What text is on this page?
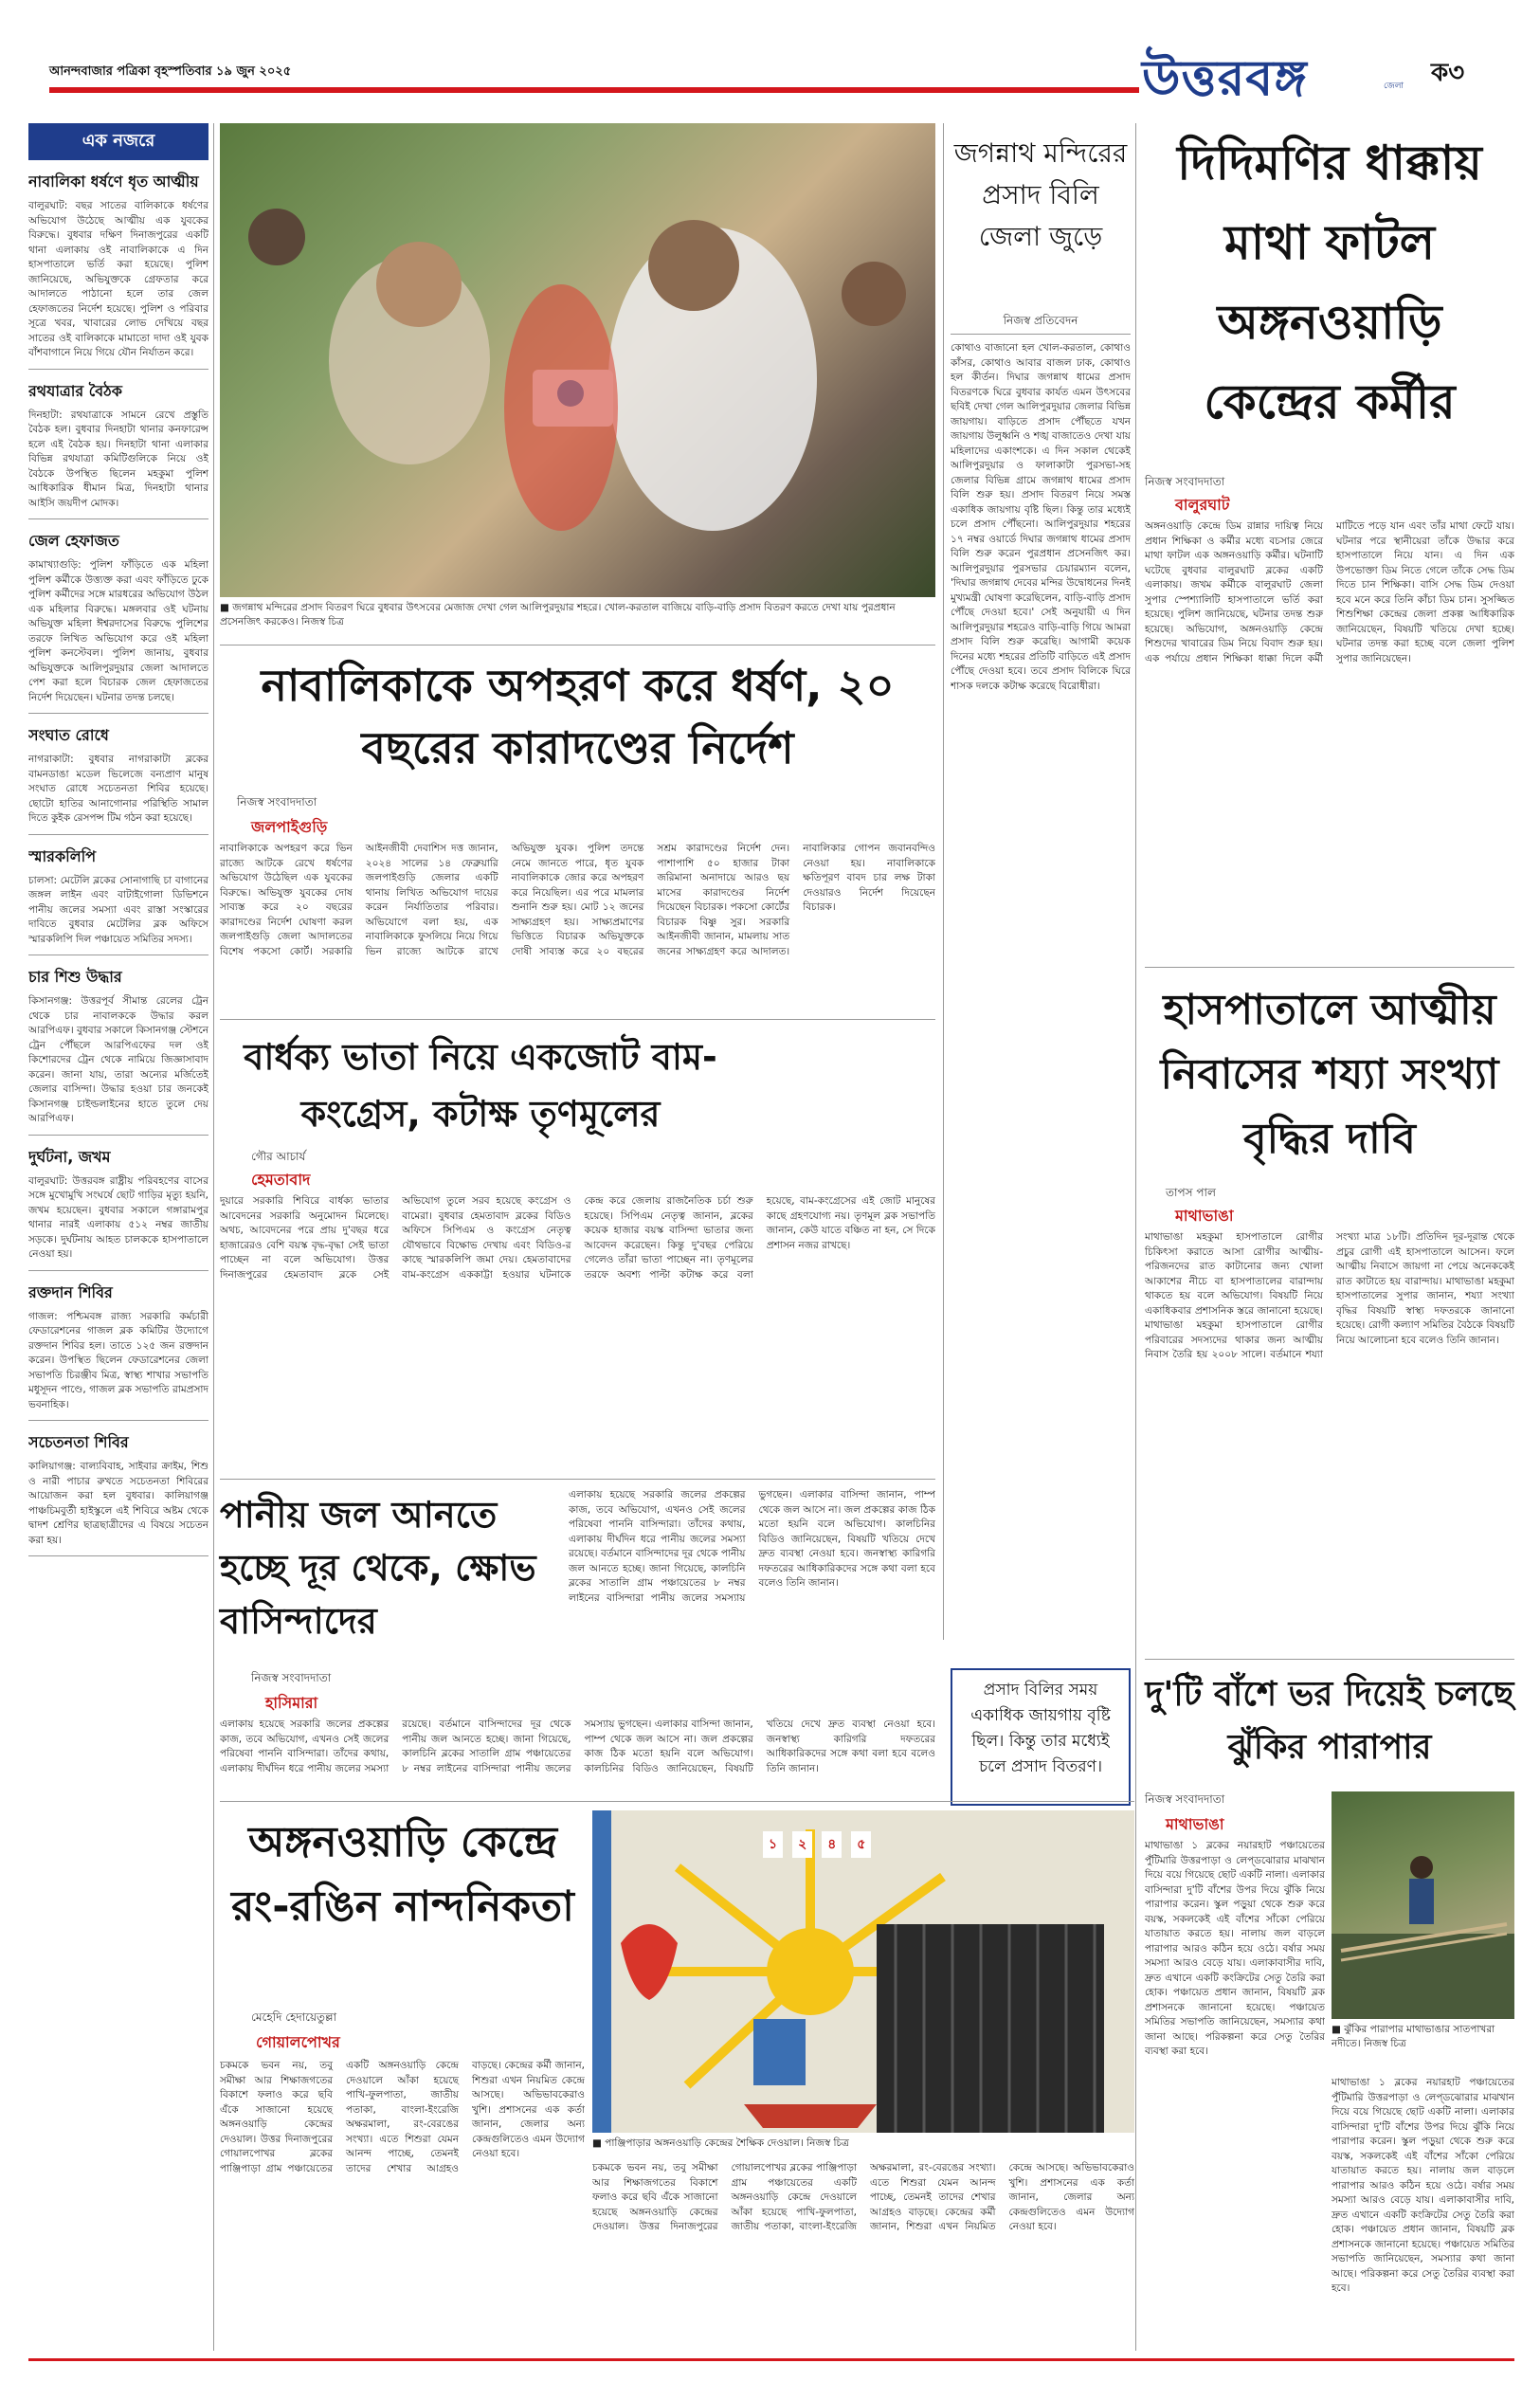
আনন্দবাজার পত্রিকা বৃহস্পতিবার ১৯ জুন ২০২৫	উত্তরবঙ্গ	জেলা ক৩
এক নজরে
নাবালিকা ধর্ষণে ধৃত আত্মীয়
বালুরঘাট: বছর সাতের বালিকাকে ধর্ষণের অভিযোগ উঠেছে আত্মীয় এক যুবকের বিরুদ্ধে। বুধবার দক্ষিণ দিনাজপুরের একটি থানা এলাকায় ওই নাবালিকাকে এ দিন হাসপাতালে ভর্তি করা হয়েছে। পুলিশ জানিয়েছে, অভিযুক্তকে গ্রেফতার করে আদালতে পাঠানো হলে তার জেল হেফাজতের নির্দেশ হয়েছে। পুলিশ ও পরিবার সূত্রে খবর, খাবারের লোভ দেখিয়ে বছর সাতের ওই বালিকাকে মামাতো দাদা ওই যুবক বাঁশবাগানে নিয়ে গিয়ে যৌন নির্যাতন করে।
রথযাত্রার বৈঠক
দিনহাটা: রথযাত্রাকে সামনে রেখে প্রস্তুতি বৈঠক হল। বুধবার দিনহাটা থানার কনফারেন্স হলে এই বৈঠক হয়। দিনহাটা থানা এলাকার বিভিন্ন রথযাত্রা কমিটিগুলিকে নিয়ে ওই বৈঠকে উপস্থিত ছিলেন মহকুমা পুলিশ আধিকারিক ধীমান মিত্র, দিনহাটা থানার আইসি জয়দীপ মোদক।
জেল হেফাজত
কামাখ্যাগুড়ি: পুলিশ ফাঁড়িতে এক মহিলা পুলিশ কর্মীকে উত্ত্যক্ত করা এবং ফাঁড়িতে ঢুকে পুলিশ কর্মীদের সঙ্গে মারধরের অভিযোগ উঠল এক মহিলার বিরুদ্ধে। মঙ্গলবার ওই ঘটনায় অভিযুক্ত মহিলা ঈশ্বরদাসের বিরুদ্ধে পুলিশের তরফে লিখিত অভিযোগ করে ওই মহিলা পুলিশ কনস্টেবল। পুলিশ জানায়, বুধবার অভিযুক্তকে আলিপুরদুয়ার জেলা আদালতে পেশ করা হলে বিচারক জেল হেফাজতের নির্দেশ দিয়েছেন। ঘটনার তদন্ত চলছে।
সংঘাত রোধে
নাগরাকাটা: বুধবার নাগরাকাটা ব্লকের বামনডাঙা মডেল ভিলেজে বন্যপ্রাণ মানুষ সংঘাত রোধে সচেতনতা শিবির হয়েছে। ছোটো হাতির আনাগোনার পরিস্থিতি সামাল দিতে কুইক রেসপন্স টিম গঠন করা হয়েছে।
স্মারকলিপি
চালসা: মেটেলি ব্লকের সোনাগাছি চা বাগানের জঙ্গল লাইন এবং বাটাইগোলা ডিভিশনে পানীয় জলের সমস্যা এবং রাস্তা সংস্কারের দাবিতে বুধবার মেটেলির ব্লক অফিসে স্মারকলিপি দিল পঞ্চায়েত সমিতির সদস্য।
চার শিশু উদ্ধার
কিসানগঞ্জ: উত্তরপূর্ব সীমান্ত রেলের ট্রেন থেকে চার নাবালককে উদ্ধার করল আরপিএফ। বুধবার সকালে কিসানগঞ্জ স্টেশনে ট্রেন পৌঁছলে আরপিএফের দল ওই কিশোরদের ট্রেন থেকে নামিয়ে জিজ্ঞাসাবাদ করেন। জানা যায়, তারা অন্যের মর্জিতেই জেলার বাসিন্দা। উদ্ধার হওয়া চার জনকেই কিসানগঞ্জ চাইল্ডলাইনের হাতে তুলে দেয় আরপিএফ।
দুর্ঘটনা, জখম
বালুরঘাট: উত্তরবঙ্গ রাষ্ট্রীয় পরিবহণের বাসের সঙ্গে মুখোমুখি সংঘর্ষে ছোট গাড়ির মৃত্যু হয়নি, জখম হয়েছেন। বুধবার সকালে গঙ্গারামপুর থানার নারই এলাকায় ৫১২ নম্বর জাতীয় সড়কে। দুর্ঘটনায় আহত চালককে হাসপাতালে নেওয়া হয়।
রক্তদান শিবির
গাজল: পশ্চিমবঙ্গ রাজ্য সরকারি কর্মচারী ফেডারেশনের গাজল ব্লক কমিটির উদ্যোগে রক্তদান শিবির হল। তাতে ১২৫ জন রক্তদান করেন। উপস্থিত ছিলেন ফেডারেশনের জেলা সভাপতি চিরঞ্জীব মিত্র, স্বাস্থ্য শাখার সভাপতি মধুসূদন পাণ্ডে, গাজল ব্লক সভাপতি রামপ্রসাদ ভবনাহিক।
সচেতনতা শিবির
কালিয়াগঞ্জ: বাল্যবিবাহ, সাইবার ক্রাইম, শিশু ও নারী পাচার রুখতে সচেতনতা শিবিরের আয়োজন করা হল বুধবার। কালিয়াগঞ্জ পাঞ্চচিমবুর্তী হাইস্কুলে এই শিবিরে অষ্টম থেকে দ্বাদশ শ্রেণির ছাত্রছাত্রীদের এ বিষয়ে সচেতন করা হয়।
■ জগন্নাথ মন্দিরের প্রসাদ বিতরণ ঘিরে বুধবার উৎসবের মেজাজ দেখা গেল আলিপুরদুয়ার শহরে। খোল-করতাল বাজিয়ে বাড়ি-বাড়ি প্রসাদ বিতরণ করতে দেখা যায় পুরপ্রধান প্রসেনজিৎ করকেও। নিজস্ব চিত্র
জগন্নাথ মন্দিরের প্রসাদ বিলি জেলা জুড়ে
নিজস্ব প্রতিবেদন
কোথাও বাজানো হল খোল-করতাল, কোথাও কাঁসর, কোথাও আবার বাজল ঢাক, কোথাও হল কীর্তন। দিঘার জগন্নাথ ধামের প্রসাদ বিতরণকে ঘিরে বুধবার কার্যত এমন উৎসবের ছবিই দেখা গেল আলিপুরদুয়ার জেলার বিভিন্ন জায়গায়। বাড়িতে প্রসাদ পৌঁছতে যখন জায়গায় উলুধ্বনি ও শঙ্খ বাজাতেও দেখা যায় মহিলাদের একাংশকে। এ দিন সকাল থেকেই আলিপুরদুয়ার ও ফালাকাটা পুরসভা-সহ জেলার বিভিন্ন গ্রামে জগন্নাথ ধামের প্রসাদ বিলি শুরু হয়। প্রসাদ বিতরণ নিয়ে সমস্ত একাধিক জায়গায় বৃষ্টি ছিল। কিন্তু তার মধ্যেই চলে প্রসাদ পৌঁছনো। আলিপুরদুয়ার শহরের ১৭ নম্বর ওয়ার্ডে দিঘার জগন্নাথ ধামের প্রসাদ বিলি শুরু করেন পুরপ্রধান প্রসেনজিৎ কর। আলিপুরদুয়ার পুরসভার চেয়ারম্যান বলেন, 'দিঘার জগন্নাথ দেবের মন্দির উদ্বোধনের দিনই মুখ্যমন্ত্রী ঘোষণা করেছিলেন, বাড়ি-বাড়ি প্রসাদ পৌঁছে দেওয়া হবে।' সেই অনুযায়ী এ দিন আলিপুরদুয়ার শহরেও বাড়ি-বাড়ি গিয়ে আমরা প্রসাদ বিলি শুরু করেছি। আগামী কয়েক দিনের মধ্যে শহরের প্রতিটি বাড়িতে এই প্রসাদ পৌঁছে দেওয়া হবে। তবে প্রসাদ বিলিকে ঘিরে শাসক দলকে কটাক্ষ করেছে বিরোধীরা।
প্রসাদ বিলির সময় একাধিক জায়গায় বৃষ্টি ছিল। কিন্তু তার মধ্যেই চলে প্রসাদ বিতরণ।
দিদিমণির ধাক্কায় মাথা ফাটল অঙ্গনওয়াড়ি কেন্দ্রের কর্মীর
নিজস্ব সংবাদদাতা
বালুরঘাট
অঙ্গনওয়াড়ি কেন্দ্রে ডিম রান্নার দায়িত্ব নিয়ে প্রধান শিক্ষিকা ও কর্মীর মধ্যে বচসার জেরে মাথা ফাটল এক অঙ্গনওয়াড়ি কর্মীর। ঘটনাটি ঘটেছে বুধবার বালুরঘাট ব্লকের একটি এলাকায়। জখম কর্মীকে বালুরঘাট জেলা সুপার স্পেশ্যালিটি হাসপাতালে ভর্তি করা হয়েছে। পুলিশ জানিয়েছে, ঘটনার তদন্ত শুরু হয়েছে। অভিযোগ, অঙ্গনওয়াড়ি কেন্দ্রে শিশুদের খাবারের ডিম নিয়ে বিবাদ শুরু হয়। এক পর্যায়ে প্রধান শিক্ষিকা ধাক্কা দিলে কর্মী মাটিতে পড়ে যান এবং তাঁর মাথা ফেটে যায়। ঘটনার পরে স্থানীয়েরা তাঁকে উদ্ধার করে হাসপাতালে নিয়ে যান। এ দিন এক উপভোক্তা ডিম নিতে গেলে তাঁকে সেদ্ধ ডিম দিতে চান শিক্ষিকা। বাসি সেদ্ধ ডিম দেওয়া হবে মনে করে তিনি কাঁচা ডিম চান। সুসজ্জিত শিশুশিক্ষা কেন্দ্রের জেলা প্রকল্প আধিকারিক জানিয়েছেন, বিষয়টি খতিয়ে দেখা হচ্ছে। ঘটনার তদন্ত করা হচ্ছে বলে জেলা পুলিশ সুপার জানিয়েছেন।
হাসপাতালে আত্মীয় নিবাসের শয্যা সংখ্যা বৃদ্ধির দাবি
তাপস পাল
মাথাভাঙা
মাথাভাঙা মহকুমা হাসপাতালে রোগীর চিকিৎসা করাতে আসা রোগীর আত্মীয়-পরিজনদের রাত কাটানোর জন্য খোলা আকাশের নীচে বা হাসপাতালের বারান্দায় থাকতে হয় বলে অভিযোগ। বিষয়টি নিয়ে একাধিকবার প্রশাসনিক স্তরে জানানো হয়েছে। মাথাভাঙা মহকুমা হাসপাতালে রোগীর পরিবারের সদস্যদের থাকার জন্য আত্মীয় নিবাস তৈরি হয় ২০০৮ সালে। বর্তমানে শয্যা সংখ্যা মাত্র ১৮টি। প্রতিদিন দূর-দূরান্ত থেকে প্রচুর রোগী এই হাসপাতালে আসেন। ফলে আত্মীয় নিবাসে জায়গা না পেয়ে অনেককেই রাত কাটাতে হয় বারান্দায়। মাথাভাঙা মহকুমা হাসপাতালের সুপার জানান, শয্যা সংখ্যা বৃদ্ধির বিষয়টি স্বাস্থ্য দফতরকে জানানো হয়েছে। রোগী কল্যাণ সমিতির বৈঠকে বিষয়টি নিয়ে আলোচনা হবে বলেও তিনি জানান।
নাবালিকাকে অপহরণ করে ধর্ষণ, ২০ বছরের কারাদণ্ডের নির্দেশ
নিজস্ব সংবাদদাতা
জলপাইগুড়ি
নাবালিকাকে অপহরণ করে ভিন রাজ্যে আটকে রেখে ধর্ষণের অভিযোগ উঠেছিল এক যুবকের বিরুদ্ধে। অভিযুক্ত যুবকের দোষ সাব্যস্ত করে ২০ বছরের কারাদণ্ডের নির্দেশ ঘোষণা করল জলপাইগুড়ি জেলা আদালতের বিশেষ পকসো কোর্ট। সরকারি আইনজীবী দেবাশিস দত্ত জানান, ২০২৪ সালের ১৪ ফেব্রুয়ারি জলপাইগুড়ি জেলার একটি থানায় লিখিত অভিযোগ দায়ের করেন নির্যাতিতার পরিবার। অভিযোগে বলা হয়, এক নাবালিকাকে ফুসলিয়ে নিয়ে গিয়ে ভিন রাজ্যে আটকে রাখে অভিযুক্ত যুবক। পুলিশ তদন্তে নেমে জানতে পারে, ধৃত যুবক নাবালিকাকে জোর করে অপহরণ করে নিয়েছিল। এর পরে মামলার শুনানি শুরু হয়। মোট ১২ জনের সাক্ষ্যগ্রহণ হয়। সাক্ষ্যপ্রমাণের ভিত্তিতে বিচারক অভিযুক্তকে দোষী সাব্যস্ত করে ২০ বছরের সশ্রম কারাদণ্ডের নির্দেশ দেন। পাশাপাশি ৫০ হাজার টাকা জরিমানা অনাদায়ে আরও ছয় মাসের কারাদণ্ডের নির্দেশ দিয়েছেন বিচারক। পকসো কোর্টের বিচারক বিষ্ণু সুর। সরকারি আইনজীবী জানান, মামলায় সাত জনের সাক্ষ্যগ্রহণ করে আদালত। নাবালিকার গোপন জবানবন্দিও নেওয়া হয়। নাবালিকাকে ক্ষতিপূরণ বাবদ চার লক্ষ টাকা দেওয়ারও নির্দেশ দিয়েছেন বিচারক।
বার্ধক্য ভাতা নিয়ে একজোট বাম-কংগ্রেস, কটাক্ষ তৃণমূলের
গৌর আচার্য
হেমতাবাদ
দুয়ারে সরকারি শিবিরে বার্ধক্য ভাতার আবেদনের সরকারি অনুমোদন মিলেছে। অথচ, আবেদনের পরে প্রায় দু'বছর ধরে হাজারেরও বেশি বয়স্ক বৃদ্ধ-বৃদ্ধা সেই ভাতা পাচ্ছেন না বলে অভিযোগ। উত্তর দিনাজপুরের হেমতাবাদ ব্লকে সেই অভিযোগ তুলে সরব হয়েছে কংগ্রেস ও বামেরা। বুধবার হেমতাবাদ ব্লকের বিডিও অফিসে সিপিএম ও কংগ্রেস নেতৃত্ব যৌথভাবে বিক্ষোভ দেখায় এবং বিডিও-র কাছে স্মারকলিপি জমা দেয়। হেমতাবাদের বাম-কংগ্রেস এককাট্টা হওয়ার ঘটনাকে কেন্দ্র করে জেলায় রাজনৈতিক চর্চা শুরু হয়েছে। সিপিএম নেতৃত্ব জানান, ব্লকের কয়েক হাজার বয়স্ক বাসিন্দা ভাতার জন্য আবেদন করেছেন। কিন্তু দু'বছর পেরিয়ে গেলেও তাঁরা ভাতা পাচ্ছেন না। তৃণমূলের তরফে অবশ্য পাল্টা কটাক্ষ করে বলা হয়েছে, বাম-কংগ্রেসের এই জোট মানুষের কাছে গ্রহণযোগ্য নয়। তৃণমূল ব্লক সভাপতি জানান, কেউ যাতে বঞ্চিত না হন, সে দিকে প্রশাসন নজর রাখছে।
পানীয় জল আনতে হচ্ছে দূর থেকে, ক্ষোভ বাসিন্দাদের
নিজস্ব সংবাদদাতা
হাসিমারা
এলাকায় হয়েছে সরকারি জলের প্রকল্পের কাজ, তবে অভিযোগ, এখনও সেই জলের পরিষেবা পাননি বাসিন্দারা। তাঁদের কথায়, এলাকায় দীর্ঘদিন ধরে পানীয় জলের সমস্যা রয়েছে। বর্তমানে বাসিন্দাদের দূর থেকে পানীয় জল আনতে হচ্ছে। জানা গিয়েছে, কালচিনি ব্লকের সাতালি গ্রাম পঞ্চায়েতের ৮ নম্বর লাইনের বাসিন্দারা পানীয় জলের সমস্যায় ভুগছেন। এলাকার বাসিন্দা জানান, পাম্প থেকে জল আসে না। জল প্রকল্পের কাজ ঠিক মতো হয়নি বলে অভিযোগ। কালচিনির বিডিও জানিয়েছেন, বিষয়টি খতিয়ে দেখে দ্রুত ব্যবস্থা নেওয়া হবে। জনস্বাস্থ্য কারিগরি দফতরের আধিকারিকদের সঙ্গে কথা বলা হবে বলেও তিনি জানান।
এলাকায় হয়েছে সরকারি জলের প্রকল্পের কাজ, তবে অভিযোগ, এখনও সেই জলের পরিষেবা পাননি বাসিন্দারা। তাঁদের কথায়, এলাকায় দীর্ঘদিন ধরে পানীয় জলের সমস্যা রয়েছে। বর্তমানে বাসিন্দাদের দূর থেকে পানীয় জল আনতে হচ্ছে। জানা গিয়েছে, কালচিনি ব্লকের সাতালি গ্রাম পঞ্চায়েতের ৮ নম্বর লাইনের বাসিন্দারা পানীয় জলের সমস্যায় ভুগছেন। এলাকার বাসিন্দা জানান, পাম্প থেকে জল আসে না। জল প্রকল্পের কাজ ঠিক মতো হয়নি বলে অভিযোগ। কালচিনির বিডিও জানিয়েছেন, বিষয়টি খতিয়ে দেখে দ্রুত ব্যবস্থা নেওয়া হবে। জনস্বাস্থ্য কারিগরি দফতরের আধিকারিকদের সঙ্গে কথা বলা হবে বলেও তিনি জানান।
দু'টি বাঁশে ভর দিয়েই চলছে ঝুঁকির পারাপার
নিজস্ব সংবাদদাতা
মাথাভাঙা
মাথাভাঙা ১ ব্লকের নয়ারহাট পঞ্চায়েতের পুঁটিমারি উত্তরপাড়া ও লেপ্ডঝোরার মাঝখান দিয়ে বয়ে গিয়েছে ছোট একটি নালা। এলাকার বাসিন্দারা দু'টি বাঁশের উপর দিয়ে ঝুঁকি নিয়ে পারাপার করেন। স্কুল পড়ুয়া থেকে শুরু করে বয়স্ক, সকলকেই এই বাঁশের সাঁকো পেরিয়ে যাতায়াত করতে হয়। নালায় জল বাড়লে পারাপার আরও কঠিন হয়ে ওঠে। বর্ষার সময় সমস্যা আরও বেড়ে যায়। এলাকাবাসীর দাবি, দ্রুত এখানে একটি কংক্রিটের সেতু তৈরি করা হোক। পঞ্চায়েত প্রধান জানান, বিষয়টি ব্লক প্রশাসনকে জানানো হয়েছে। পঞ্চায়েত সমিতির সভাপতি জানিয়েছেন, সমস্যার কথা জানা আছে। পরিকল্পনা করে সেতু তৈরির ব্যবস্থা করা হবে।
■ ঝুঁকির পারাপার মাথাভাঙার সাতপাখরা নদীতে। নিজস্ব চিত্র
মাথাভাঙা ১ ব্লকের নয়ারহাট পঞ্চায়েতের পুঁটিমারি উত্তরপাড়া ও লেপ্ডঝোরার মাঝখান দিয়ে বয়ে গিয়েছে ছোট একটি নালা। এলাকার বাসিন্দারা দু'টি বাঁশের উপর দিয়ে ঝুঁকি নিয়ে পারাপার করেন। স্কুল পড়ুয়া থেকে শুরু করে বয়স্ক, সকলকেই এই বাঁশের সাঁকো পেরিয়ে যাতায়াত করতে হয়। নালায় জল বাড়লে পারাপার আরও কঠিন হয়ে ওঠে। বর্ষার সময় সমস্যা আরও বেড়ে যায়। এলাকাবাসীর দাবি, দ্রুত এখানে একটি কংক্রিটের সেতু তৈরি করা হোক। পঞ্চায়েত প্রধান জানান, বিষয়টি ব্লক প্রশাসনকে জানানো হয়েছে। পঞ্চায়েত সমিতির সভাপতি জানিয়েছেন, সমস্যার কথা জানা আছে। পরিকল্পনা করে সেতু তৈরির ব্যবস্থা করা হবে।
অঙ্গনওয়াড়ি কেন্দ্রে রং-রঙিন নান্দনিকতা
মেহেদি হেদায়েতুল্লা
গোয়ালপোখর
চকমকে ভবন নয়, তবু সমীক্ষা আর শিক্ষাজগতের বিকাশে ফলাও করে ছবি এঁকে সাজানো হয়েছে অঙ্গনওয়াড়ি কেন্দ্রের দেওয়াল। উত্তর দিনাজপুরের গোয়ালপোখর ব্লকের পাঞ্জিপাড়া গ্রাম পঞ্চায়েতের একটি অঙ্গনওয়াড়ি কেন্দ্রে দেওয়ালে আঁকা হয়েছে পাখি-ফুলপাতা, জাতীয় পতাকা, বাংলা-ইংরেজি অক্ষরমালা, রং-বেরঙের সংখ্যা। এতে শিশুরা যেমন আনন্দ পাচ্ছে, তেমনই তাদের শেখার আগ্রহও বাড়ছে। কেন্দ্রের কর্মী জানান, শিশুরা এখন নিয়মিত কেন্দ্রে আসছে। অভিভাবকেরাও খুশি। প্রশাসনের এক কর্তা জানান, জেলার অন্য কেন্দ্রগুলিতেও এমন উদ্যোগ নেওয়া হবে।
১	২	৪	৫
■ পাঞ্জিপাড়ার অঙ্গনওয়াড়ি কেন্দ্রের শৈক্ষিক দেওয়াল। নিজস্ব চিত্র
চকমকে ভবন নয়, তবু সমীক্ষা আর শিক্ষাজগতের বিকাশে ফলাও করে ছবি এঁকে সাজানো হয়েছে অঙ্গনওয়াড়ি কেন্দ্রের দেওয়াল। উত্তর দিনাজপুরের গোয়ালপোখর ব্লকের পাঞ্জিপাড়া গ্রাম পঞ্চায়েতের একটি অঙ্গনওয়াড়ি কেন্দ্রে দেওয়ালে আঁকা হয়েছে পাখি-ফুলপাতা, জাতীয় পতাকা, বাংলা-ইংরেজি অক্ষরমালা, রং-বেরঙের সংখ্যা। এতে শিশুরা যেমন আনন্দ পাচ্ছে, তেমনই তাদের শেখার আগ্রহও বাড়ছে। কেন্দ্রের কর্মী জানান, শিশুরা এখন নিয়মিত কেন্দ্রে আসছে। অভিভাবকেরাও খুশি। প্রশাসনের এক কর্তা জানান, জেলার অন্য কেন্দ্রগুলিতেও এমন উদ্যোগ নেওয়া হবে।
